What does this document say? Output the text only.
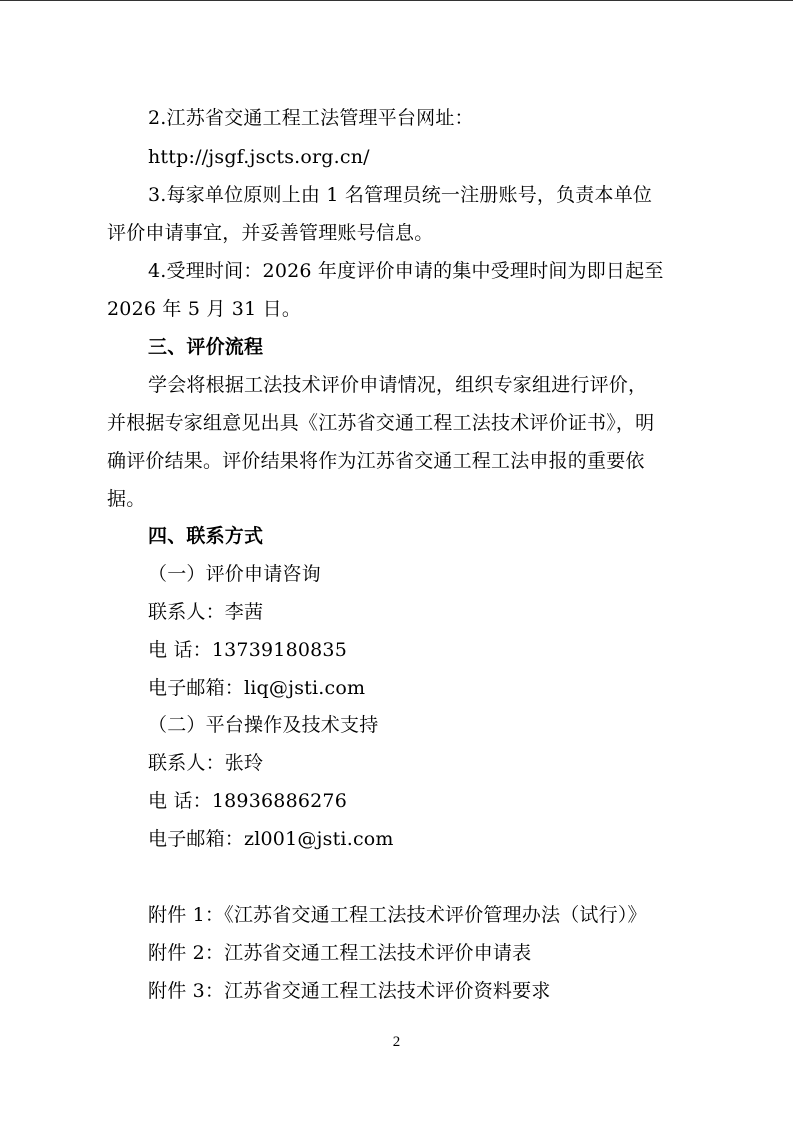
2.江苏省交通工程工法管理平台网址：
http://jsgf.jscts.org.cn/
3.每家单位原则上由 1 名管理员统一注册账号，负责本单位
评价申请事宜，并妥善管理账号信息。
4.受理时间：2026 年度评价申请的集中受理时间为即日起至
2026 年 5 月 31 日。
三、评价流程
学会将根据工法技术评价申请情况，组织专家组进行评价，
并根据专家组意见出具《江苏省交通工程工法技术评价证书》，明
确评价结果。评价结果将作为江苏省交通工程工法申报的重要依
据。
四、联系方式
（一）评价申请咨询
联系人：李茜
电 话：13739180835
电子邮箱：liq@jsti.com
（二）平台操作及技术支持
联系人：张玲
电 话：18936886276
电子邮箱：zl001@jsti.com
附件 1：《江苏省交通工程工法技术评价管理办法（试行）》
附件 2：江苏省交通工程工法技术评价申请表
附件 3：江苏省交通工程工法技术评价资料要求
2
